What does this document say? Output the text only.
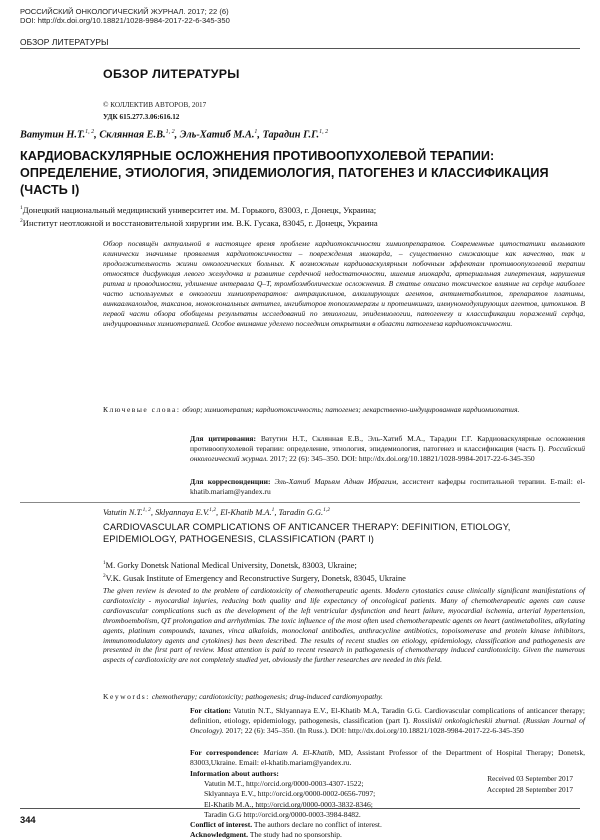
РОССИЙСКИЙ ОНКОЛОГИЧЕСКИЙ ЖУРНАЛ. 2017; 22 (6)
DOI: http://dx.doi.org/10.18821/1028-9984-2017-22-6-345-350
ОБЗОР ЛИТЕРАТУРЫ
ОБЗОР ЛИТЕРАТУРЫ
© КОЛЛЕКТИВ АВТОРОВ, 2017
УДК 615.277.3.06:616.12
Ватутин Н.Т.$^{1, 2}$, Склянная Е.В.$^{1, 2}$, Эль-Хатиб М.А.$^1$, Тарадин Г.Г.$^{1, 2}$
КАРДИОВАСКУЛЯРНЫЕ ОСЛОЖНЕНИЯ ПРОТИВООПУХОЛЕВОЙ ТЕРАПИИ: ОПРЕДЕЛЕНИЕ, ЭТИОЛОГИЯ, ЭПИДЕМИОЛОГИЯ, ПАТОГЕНЕЗ И КЛАССИФИКАЦИЯ (ЧАСТЬ I)
$^1$Донецкий национальный медицинский университет им. М. Горького, 83003, г. Донецк, Украина;
$^2$Институт неотложной и восстановительной хирургии им. В.К. Гусака, 83045, г. Донецк, Украина
Обзор посвящён актуальной в настоящее время проблеме кардиотоксичности химиопрепаратов. Современные цитостатики вызывают клинически значимые проявления кардиотоксичности – повреждения миокарда, – существенно снижающие как качество, так и продолжительность жизни онкологических больных. К возможным кардиоваскулярным побочным эффектам противоопухолевой терапии относятся дисфункция левого желудочка и развитие сердечной недостаточности, ишемия миокарда, артериальная гипертензия, нарушения ритма и проводимости, удлинение интервала Q–T, тромбоэмболические осложнения. В статье описано токсическое влияние на сердце наиболее часто используемых в онкологии химиопрепаратов: антрациклинов, алкилирующих агентов, антиметаболитов, препаратов платины, винкаалкалоидов, таксанов, моноклональных антител, ингибиторов топоизомеразы и протеинкиназ, иммуномодулирующих агентов, цитокинов. В первой части обзора обобщены результаты исследований по этиологии, эпидемиологии, патогенезу и классификации поражений сердца, индуцированных химиотерапией. Особое внимание уделено последним открытиям в области патогенеза кардиотоксичности.
Ключевые слова: обзор; химиотерапия; кардиотоксичность; патогенез; лекарственно-индуцированная кардиомиопатия.
Для цитирования: Ватутин Н.Т., Склянная Е.В., Эль-Хатиб М.А., Тарадин Г.Г. Кардиоваскулярные осложнения противоопухолевой терапии: определение, этиология, эпидемиология, патогенез и классификация (часть I). Российский онкологический журнал. 2017; 22 (6): 345–350. DOI: http://dx.doi.org/10.18821/1028-9984-2017-22-6-345-350
Для корреспонденции: Эль-Хатиб Марьям Аднан Ибрагим, ассистент кафедры госпитальной терапии. E-mail: el-khatib.mariam@yandex.ru
Vatutin N.T.$^{1, 2}$, Sklyannaya E.V.$^{1,2}$, El-Khatib M.A.$^1$, Taradin G.G.$^{1,2}$
CARDIOVASCULAR COMPLICATIONS OF ANTICANCER THERAPY: DEFINITION, ETIOLOGY, EPIDEMIOLOGY, PATHOGENESIS, CLASSIFICATION (PART I)
$^1$M. Gorky Donetsk National Medical University, Donetsk, 83003, Ukraine;
$^2$V.K. Gusak Institute of Emergency and Reconstructive Surgery, Donetsk, 83045, Ukraine
The given review is devoted to the problem of cardiotoxicity of chemotherapeutic agents. Modern cytostatics cause clinically significant manifestations of cardiotoxicity - myocardial injuries, reducing both quality and life expectancy of oncological patients. Many of chemotherapeutic agents can cause cardiovascular complications such as the development of the left ventricular dysfunction and heart failure, myocardial ischemia, arterial hypertension, thromboembolism, QT prolongation and arrhythmias. The toxic influence of the most often used chemotherapeutic agents on heart (antimetabolites, alkylating agents, platinum compounds, taxanes, vinca alkaloids, monoclonal antibodies, anthracycline antibiotics, topoisomerase and protein kinase inhibitors, immunomodulatory agents and cytokines) has been described. The results of recent studies on etiology, epidemiology, classification and pathogenesis are presented in the first part of review. Most attention is paid to recent research in pathogenesis of chemotherapy induced cardiotoxicity. Given the numerous aspects of cardiotoxicity are not completely studied yet, obviously the further researches are needed in this field.
Keywords: chemotherapy; cardiotoxicity; pathogenesis; drug-induced cardiomyopathy.
For citation: Vatutin N.T., Sklyannaya E.V., El-Khatib M.A, Taradin G.G. Cardiovascular complications of anticancer therapy; definition, etiology, epidemiology, pathogenesis, classification (part I). Rossiiskii onkologicheskii zhurnal. (Russian Journal of Oncology). 2017; 22 (6): 345–350. (In Russ.). DOI: http://dx.doi.org/10.18821/1028-9984-2017-22-6-345-350
For correspondence: Mariam A. El-Khatib, MD, Assistant Professor of the Department of Hospital Therapy; Donetsk, 83003,Ukraine. Email: el-khatib.mariam@yandex.ru.
Information about authors:
Vatutin M.T., http://orcid.org/0000-0003-4307-1522;
Sklyannaya E.V., http://orcid.org/0000-0002-0656-7097;
El-Khatib M.A., http://orcid.org/0000-0003-3832-8346;
Taradin G.G http://orcid.org/0000-0003-3984-8482.
Conflict of interest. The authors declare no conflict of interest.
Acknowledgment. The study had no sponsorship.
Received 03 September 2017
Accepted 28 September 2017
344
